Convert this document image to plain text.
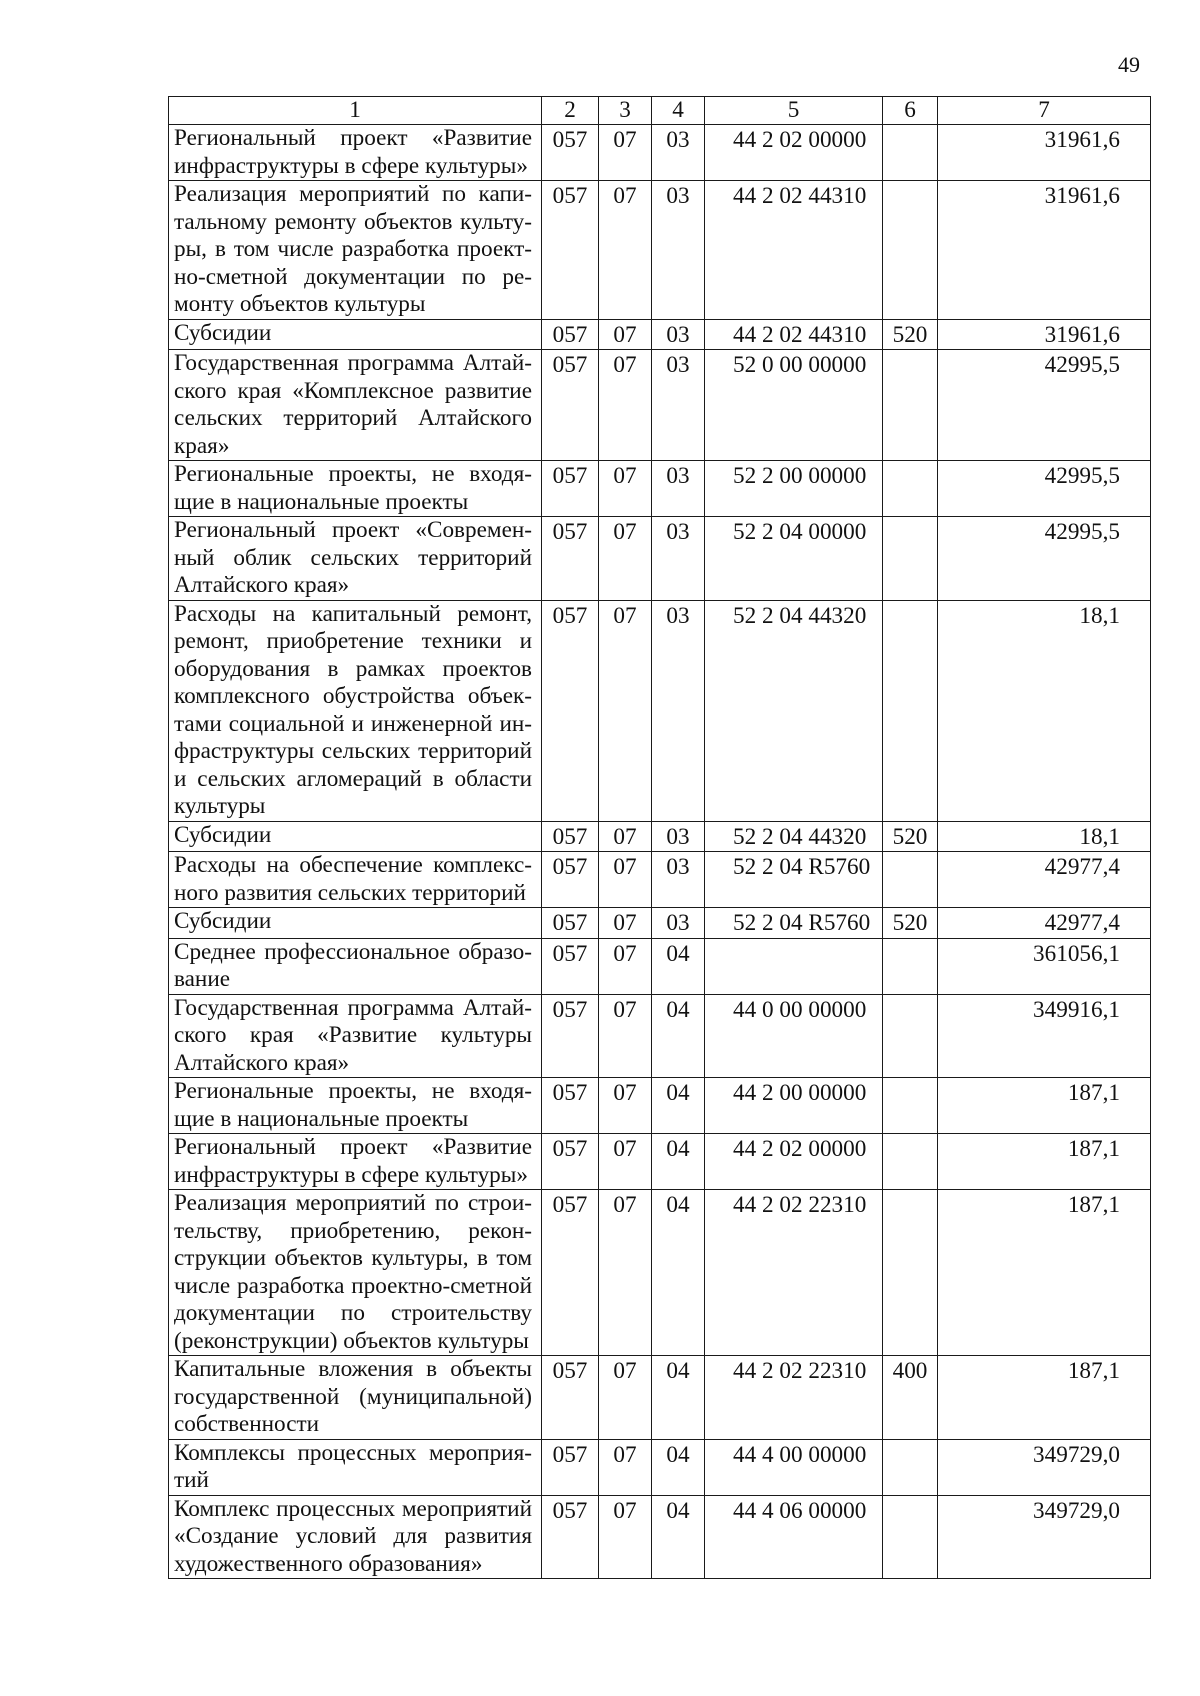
49
1	2	3	4	5	6	7
Региональный проект «Развитие инфраструктуры в сфере культуры»	057	07	03	44 2 02 00000		31961,6
Реализация мероприятий по капитальному ремонту объектов культуры, в том числе разработка проектно-сметной документации по ремонту объектов культуры	057	07	03	44 2 02 44310		31961,6
Субсидии	057	07	03	44 2 02 44310	520	31961,6
Государственная программа Алтайского края «Комплексное развитие сельских территорий Алтайского края»	057	07	03	52 0 00 00000		42995,5
Региональные проекты, не входящие в национальные проекты	057	07	03	52 2 00 00000		42995,5
Региональный проект «Современный облик сельских территорий Алтайского края»	057	07	03	52 2 04 00000		42995,5
Расходы на капитальный ремонт, ремонт, приобретение техники и оборудования в рамках проектов комплексного обустройства объектами социальной и инженерной инфраструктуры сельских территорий и сельских агломераций в области культуры	057	07	03	52 2 04 44320		18,1
Субсидии	057	07	03	52 2 04 44320	520	18,1
Расходы на обеспечение комплексного развития сельских территорий	057	07	03	52 2 04 R5760		42977,4
Субсидии	057	07	03	52 2 04 R5760	520	42977,4
Среднее профессиональное образование	057	07	04			361056,1
Государственная программа Алтайского края «Развитие культуры Алтайского края»	057	07	04	44 0 00 00000		349916,1
Региональные проекты, не входящие в национальные проекты	057	07	04	44 2 00 00000		187,1
Региональный проект «Развитие инфраструктуры в сфере культуры»	057	07	04	44 2 02 00000		187,1
Реализация мероприятий по строительству, приобретению, реконструкции объектов культуры, в том числе разработка проектно-сметной документации по строительству (реконструкции) объектов культуры	057	07	04	44 2 02 22310		187,1
Капитальные вложения в объекты государственной (муниципальной) собственности	057	07	04	44 2 02 22310	400	187,1
Комплексы процессных мероприятий	057	07	04	44 4 00 00000		349729,0
Комплекс процессных мероприятий «Создание условий для развития художественного образования»	057	07	04	44 4 06 00000		349729,0
